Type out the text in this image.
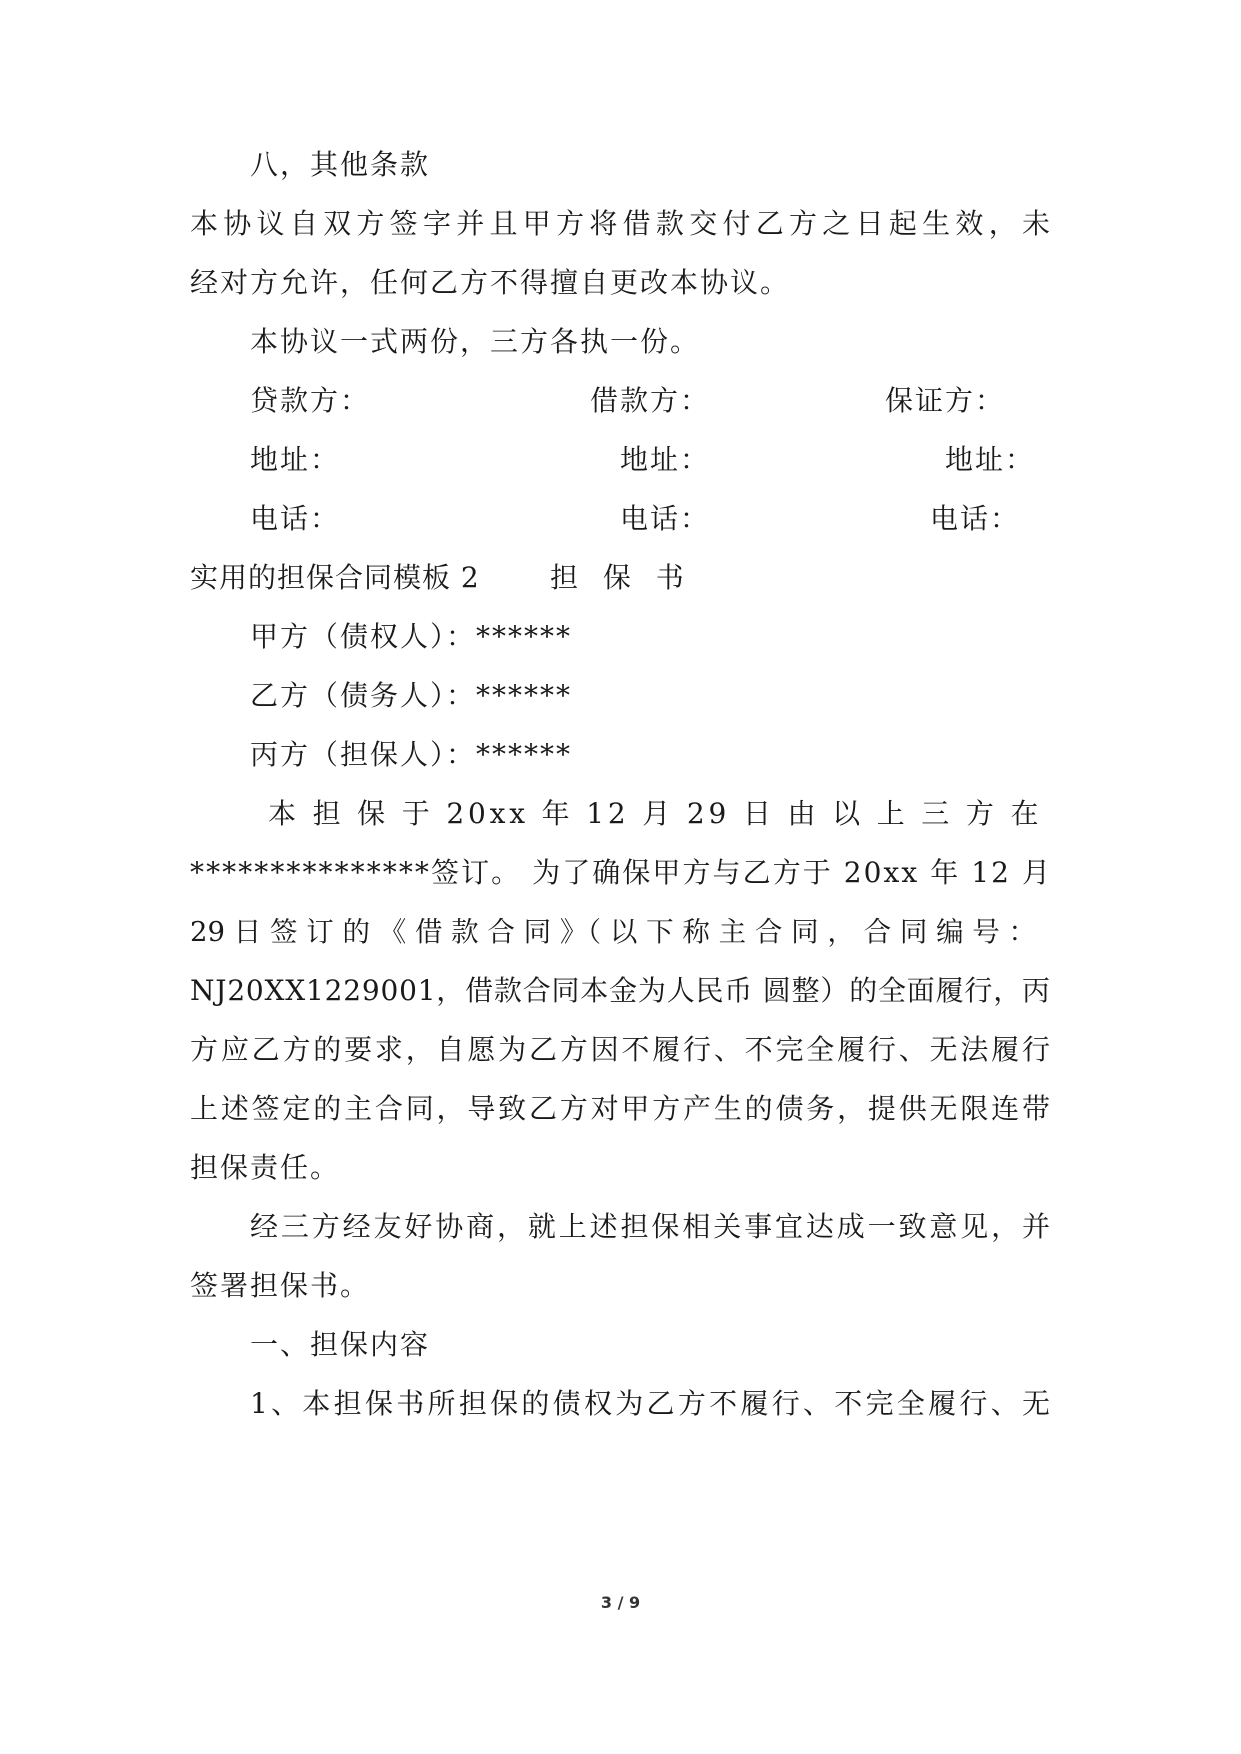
八，其他条款
本协议自双方签字并且甲方将借款交付乙方之日起生效，未
经对方允许，任何乙方不得擅自更改本协议。
本协议一式两份，三方各执一份。
贷款方：	借款方：	保证方：
地址：	地址：	地址：
电话：	电话：	电话：
实用的担保合同模板 2	担 保 书
甲方（债权人）：******
乙方（债务人）：******
丙方（担保人）：******
本 担 保 于 20xx 年 12 月 29 日 由 以 上 三 方 在
***************签订。 为了确保甲方与乙方于 20xx 年 12 月
29 日 签 订 的 《 借 款 合 同 》（ 以 下 称 主 合 同 ， 合 同 编 号 ：
NJ20XX1229001，借款合同本金为人民币 圆整）的全面履行，丙
方应乙方的要求，自愿为乙方因不履行、不完全履行、无法履行
上述签定的主合同，导致乙方对甲方产生的债务，提供无限连带
担保责任。
经三方经友好协商，就上述担保相关事宜达成一致意见，并
签署担保书。
一、担保内容
1、本担保书所担保的债权为乙方不履行、不完全履行、无
3 / 9
